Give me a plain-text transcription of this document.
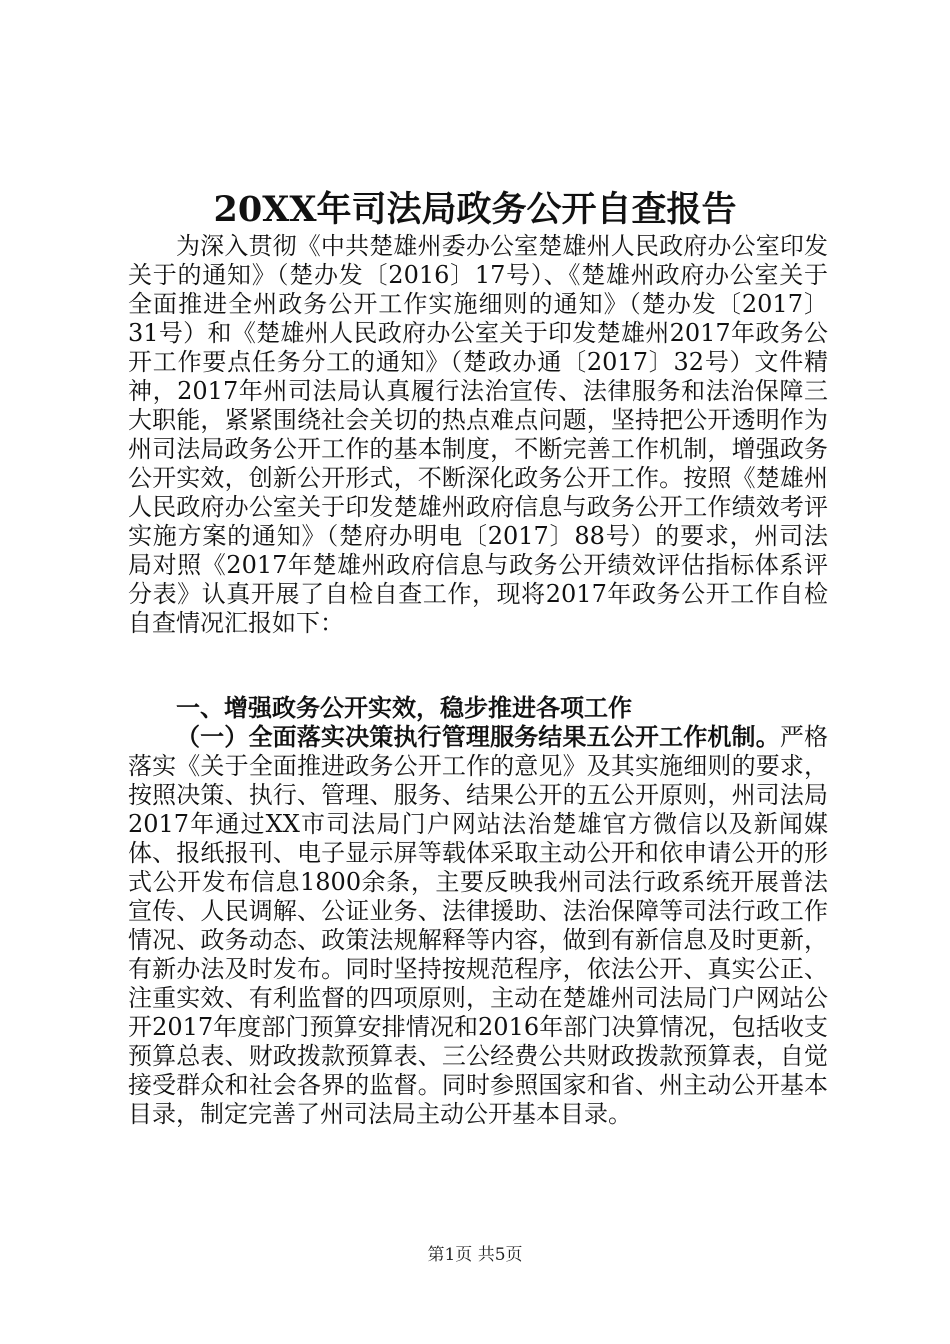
20XX年司法局政务公开自查报告

为深入贯彻《中共楚雄州委办公室楚雄州人民政府办公室印发关于的通知》（楚办发〔2016〕17号）、《楚雄州政府办公室关于全面推进全州政务公开工作实施细则的通知》（楚办发〔2017〕31号）和《楚雄州人民政府办公室关于印发楚雄州2017年政务公开工作要点任务分工的通知》（楚政办通〔2017〕32号）文件精神，2017年州司法局认真履行法治宣传、法律服务和法治保障三大职能，紧紧围绕社会关切的热点难点问题，坚持把公开透明作为州司法局政务公开工作的基本制度，不断完善工作机制，增强政务公开实效，创新公开形式，不断深化政务公开工作。按照《楚雄州人民政府办公室关于印发楚雄州政府信息与政务公开工作绩效考评实施方案的通知》（楚府办明电〔2017〕88号）的要求，州司法局对照《2017年楚雄州政府信息与政务公开绩效评估指标体系评分表》认真开展了自检自查工作，现将2017年政务公开工作自检自查情况汇报如下：

一、增强政务公开实效，稳步推进各项工作

（一）全面落实决策执行管理服务结果五公开工作机制。严格落实《关于全面推进政务公开工作的意见》及其实施细则的要求，按照决策、执行、管理、服务、结果公开的五公开原则，州司法局2017年通过XX市司法局门户网站法治楚雄官方微信以及新闻媒体、报纸报刊、电子显示屏等载体采取主动公开和依申请公开的形式公开发布信息1800余条，主要反映我州司法行政系统开展普法宣传、人民调解、公证业务、法律援助、法治保障等司法行政工作情况、政务动态、政策法规解释等内容，做到有新信息及时更新，有新办法及时发布。同时坚持按规范程序，依法公开、真实公正、注重实效、有利监督的四项原则，主动在楚雄州司法局门户网站公开2017年度部门预算安排情况和2016年部门决算情况，包括收支预算总表、财政拨款预算表、三公经费公共财政拨款预算表，自觉接受群众和社会各界的监督。同时参照国家和省、州主动公开基本目录，制定完善了州司法局主动公开基本目录。

第1页 共5页
